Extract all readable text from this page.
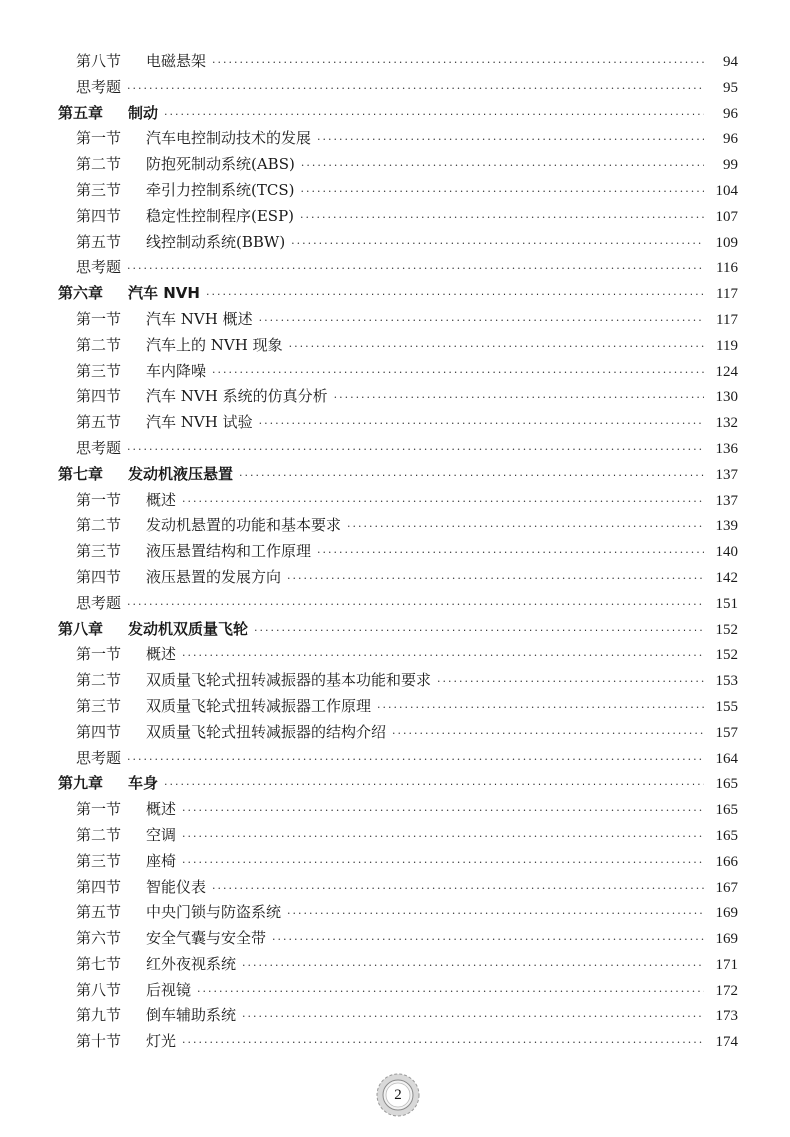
第八节	电磁悬架 ·····	94
思考题 ·····	95
第五章	制动 ·····	96
第一节	汽车电控制动技术的发展 ·····	96
第二节	防抱死制动系统(ABS) ·····	99
第三节	牵引力控制系统(TCS) ·····	104
第四节	稳定性控制程序(ESP) ·····	107
第五节	线控制动系统(BBW) ·····	109
思考题 ·····	116
第六章	汽车 NVH ·····	117
第一节	汽车 NVH 概述 ·····	117
第二节	汽车上的 NVH 现象 ·····	119
第三节	车内降噪 ·····	124
第四节	汽车 NVH 系统的仿真分析 ·····	130
第五节	汽车 NVH 试验 ·····	132
思考题 ·····	136
第七章	发动机液压悬置 ·····	137
第一节	概述 ·····	137
第二节	发动机悬置的功能和基本要求 ·····	139
第三节	液压悬置结构和工作原理 ·····	140
第四节	液压悬置的发展方向 ·····	142
思考题 ·····	151
第八章	发动机双质量飞轮 ·····	152
第一节	概述 ·····	152
第二节	双质量飞轮式扭转减振器的基本功能和要求 ·····	153
第三节	双质量飞轮式扭转减振器工作原理 ·····	155
第四节	双质量飞轮式扭转减振器的结构介绍 ·····	157
思考题 ·····	164
第九章	车身 ·····	165
第一节	概述 ·····	165
第二节	空调 ·····	165
第三节	座椅 ·····	166
第四节	智能仪表 ·····	167
第五节	中央门锁与防盗系统 ·····	169
第六节	安全气囊与安全带 ·····	169
第七节	红外夜视系统 ·····	171
第八节	后视镜 ·····	172
第九节	倒车辅助系统 ·····	173
第十节	灯光 ·····	174
2
